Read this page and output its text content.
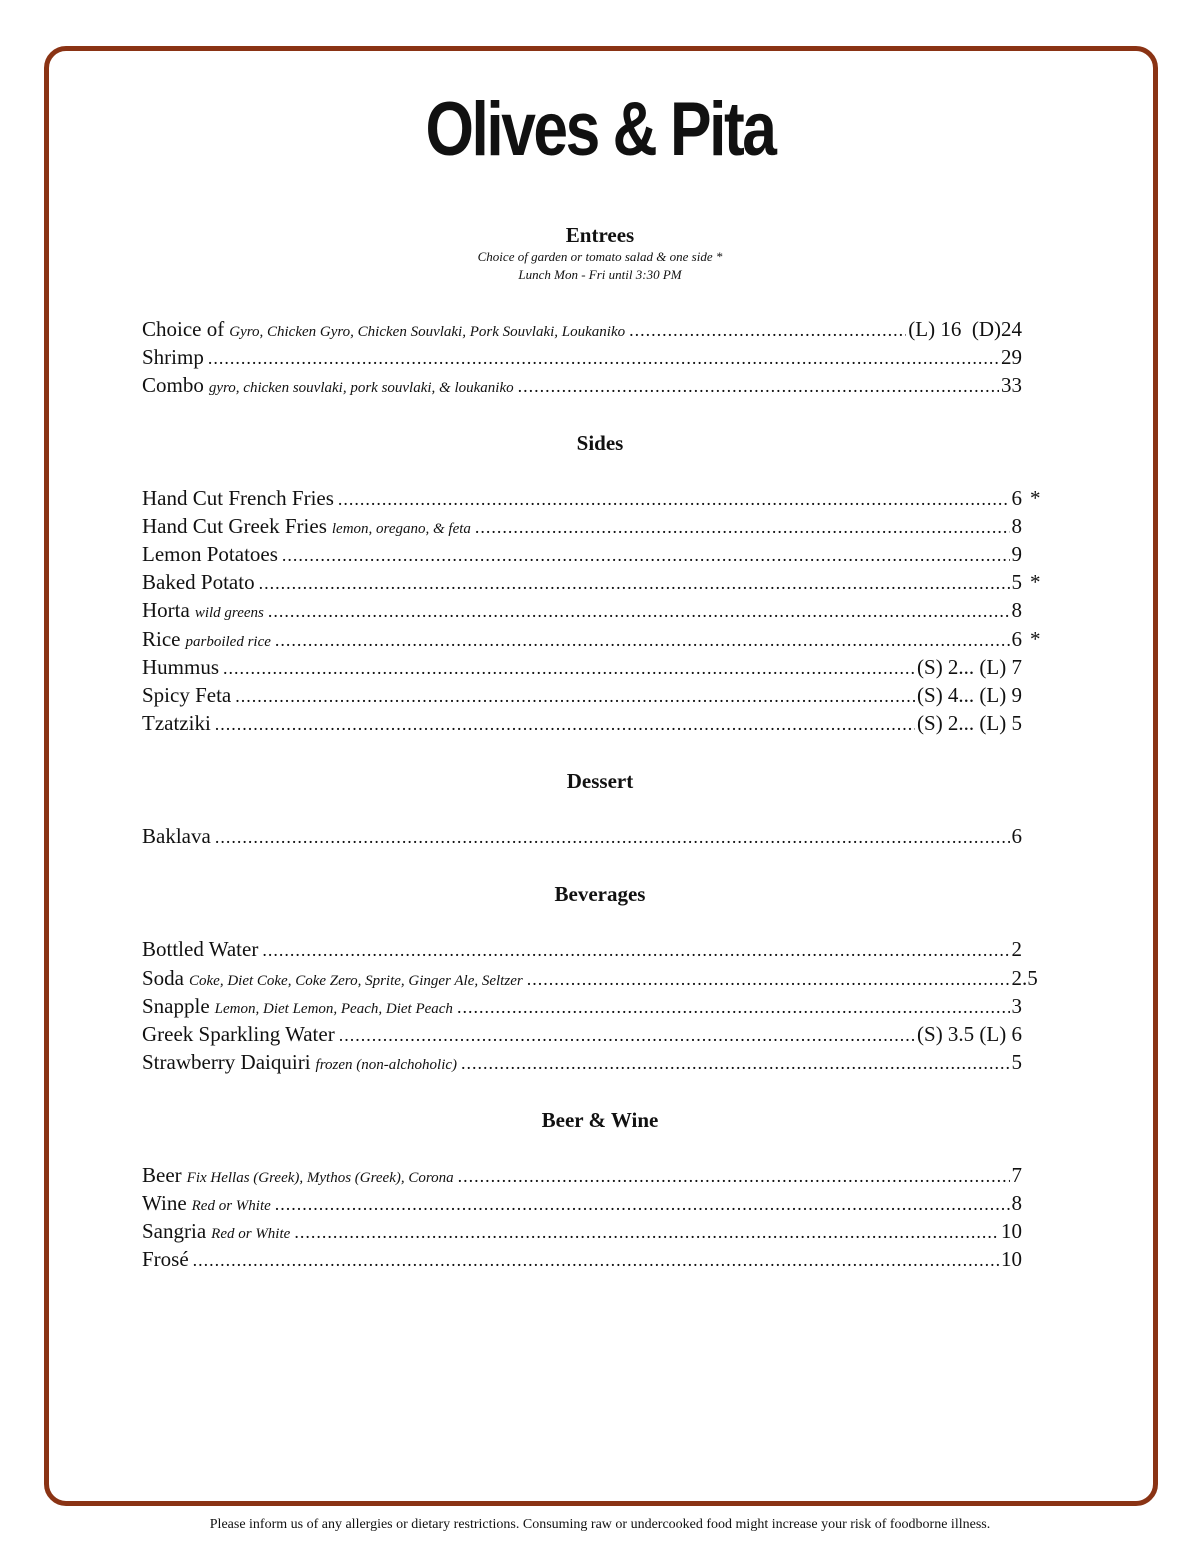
Olives & Pita
Entrees
Choice of garden or tomato salad & one side *
Lunch Mon - Fri until 3:30 PM
Choice of Gyro, Chicken Gyro, Chicken Souvlaki, Pork Souvlaki, Loukaniko .....	(L) 16  (D)24
Shrimp .....	29
Combo gyro, chicken souvlaki, pork souvlaki, & loukaniko .....	33
Sides
Hand Cut French Fries .....	6 *
Hand Cut Greek Fries lemon, oregano, & feta .....	8
Lemon Potatoes .....	9
Baked Potato .....	5 *
Horta wild greens .....	8
Rice parboiled rice .....	6 *
Hummus .....	(S) 2... (L) 7
Spicy Feta .....	(S) 4... (L) 9
Tzatziki .....	(S) 2... (L) 5
Dessert
Baklava .....	6
Beverages
Bottled Water .....	2
Soda Coke, Diet Coke, Coke Zero, Sprite, Ginger Ale, Seltzer .....	2 .5
Snapple Lemon, Diet Lemon, Peach, Diet Peach .....	3
Greek Sparkling Water .....	(S) 3.5 (L) 6
Strawberry Daiquiri frozen (non-alchoholic) .....	5
Beer & Wine
Beer Fix Hellas (Greek), Mythos (Greek), Corona .....	7
Wine Red or White .....	8
Sangria Red or White .....	10
Frosé .....	10
Please inform us of any allergies or dietary restrictions. Consuming raw or undercooked food might increase your risk of foodborne illness.
